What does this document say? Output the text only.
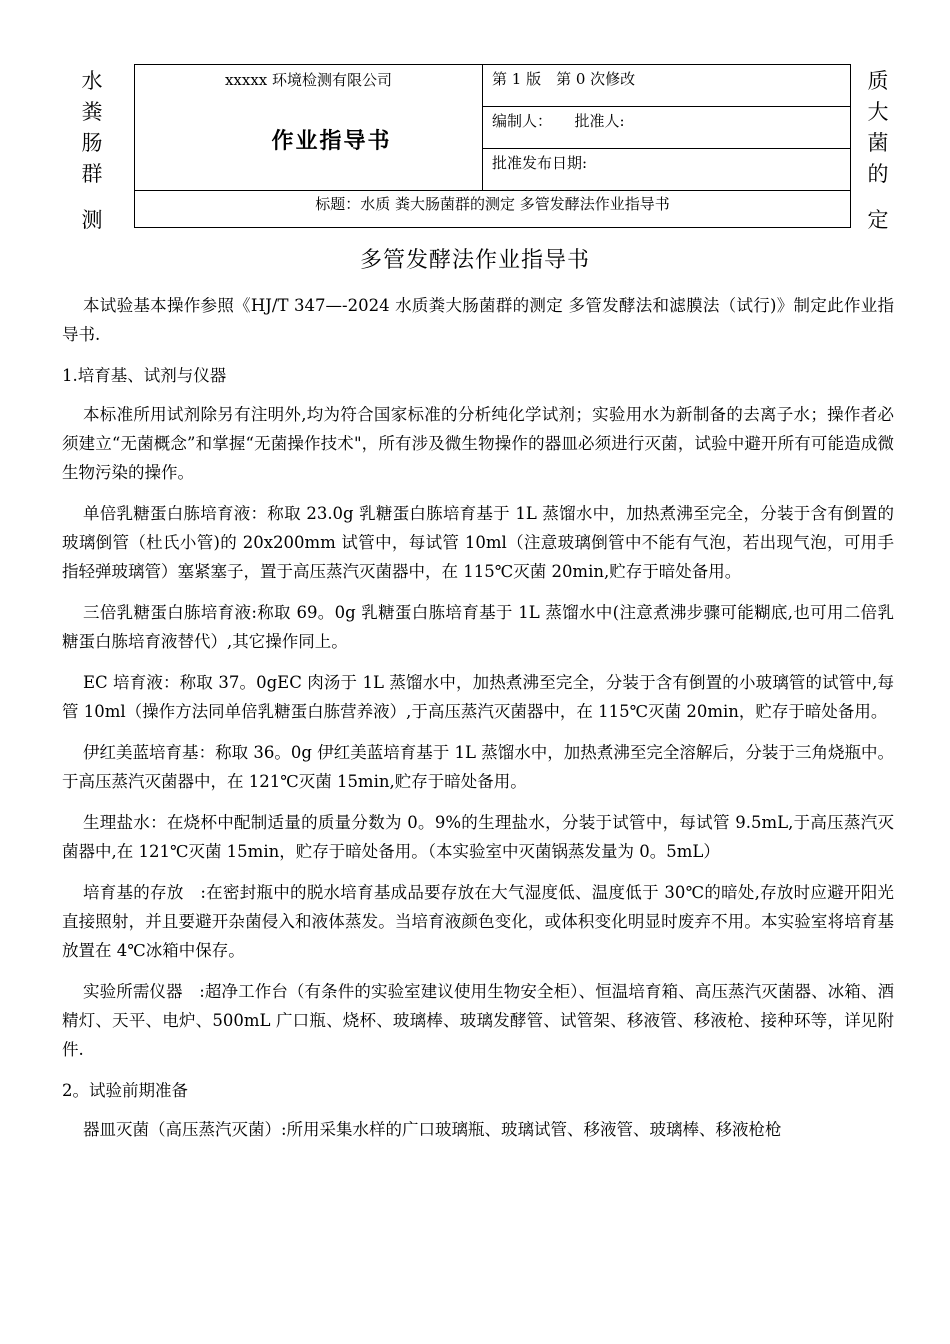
水
粪
肠
群

测
质
大
菌
的

定
xxxxx 环境检测有限公司
作业指导书
	第 1 版　第 0 次修改
编制人：　　批准人:
批准发布日期:
标题：水质 粪大肠菌群的测定 多管发酵法作业指导书
多管发酵法作业指导书

本试验基本操作参照《HJ/T 347—-2024 水质粪大肠菌群的测定 多管发酵法和滤膜法（试行)》制定此作业指导书.

1.培育基、试剂与仪器

本标准所用试剂除另有注明外,均为符合国家标准的分析纯化学试剂；实验用水为新制备的去离子水；操作者必须建立“无菌概念”和掌握“无菌操作技术"，所有涉及微生物操作的器皿必须进行灭菌，试验中避开所有可能造成微生物污染的操作。

单倍乳糖蛋白胨培育液：称取 23.0g 乳糖蛋白胨培育基于 1L 蒸馏水中，加热煮沸至完全，分装于含有倒置的玻璃倒管（杜氏小管)的 20x200mm 试管中，每试管 10ml（注意玻璃倒管中不能有气泡，若出现气泡，可用手指轻弹玻璃管）塞紧塞子，置于高压蒸汽灭菌器中，在 115℃灭菌 20min,贮存于暗处备用。

三倍乳糖蛋白胨培育液:称取 69。0g 乳糖蛋白胨培育基于 1L 蒸馏水中(注意煮沸步骤可能糊底,也可用二倍乳糖蛋白胨培育液替代）,其它操作同上。

EC 培育液：称取 37。0gEC 肉汤于 1L 蒸馏水中，加热煮沸至完全，分装于含有倒置的小玻璃管的试管中,每管 10ml（操作方法同单倍乳糖蛋白胨营养液）,于高压蒸汽灭菌器中，在 115℃灭菌 20min，贮存于暗处备用。

伊红美蓝培育基：称取 36。0g 伊红美蓝培育基于 1L 蒸馏水中，加热煮沸至完全溶解后，分装于三角烧瓶中。于高压蒸汽灭菌器中，在 121℃灭菌 15min,贮存于暗处备用。

生理盐水：在烧杯中配制适量的质量分数为 0。9%的生理盐水，分装于试管中，每试管 9.5mL,于高压蒸汽灭菌器中,在 121℃灭菌 15min，贮存于暗处备用。（本实验室中灭菌锅蒸发量为 0。5mL）

培育基的存放　:在密封瓶中的脱水培育基成品要存放在大气湿度低、温度低于 30℃的暗处,存放时应避开阳光直接照射，并且要避开杂菌侵入和液体蒸发。当培育液颜色变化，或体积变化明显时废弃不用。本实验室将培育基放置在 4℃冰箱中保存。

实验所需仪器　:超净工作台（有条件的实验室建议使用生物安全柜）、恒温培育箱、高压蒸汽灭菌器、冰箱、酒精灯、天平、电炉、500mL 广口瓶、烧杯、玻璃棒、玻璃发酵管、试管架、移液管、移液枪、接种环等，详见附件.

2。试验前期准备

器皿灭菌（高压蒸汽灭菌）:所用采集水样的广口玻璃瓶、玻璃试管、移液管、玻璃棒、移液枪枪
